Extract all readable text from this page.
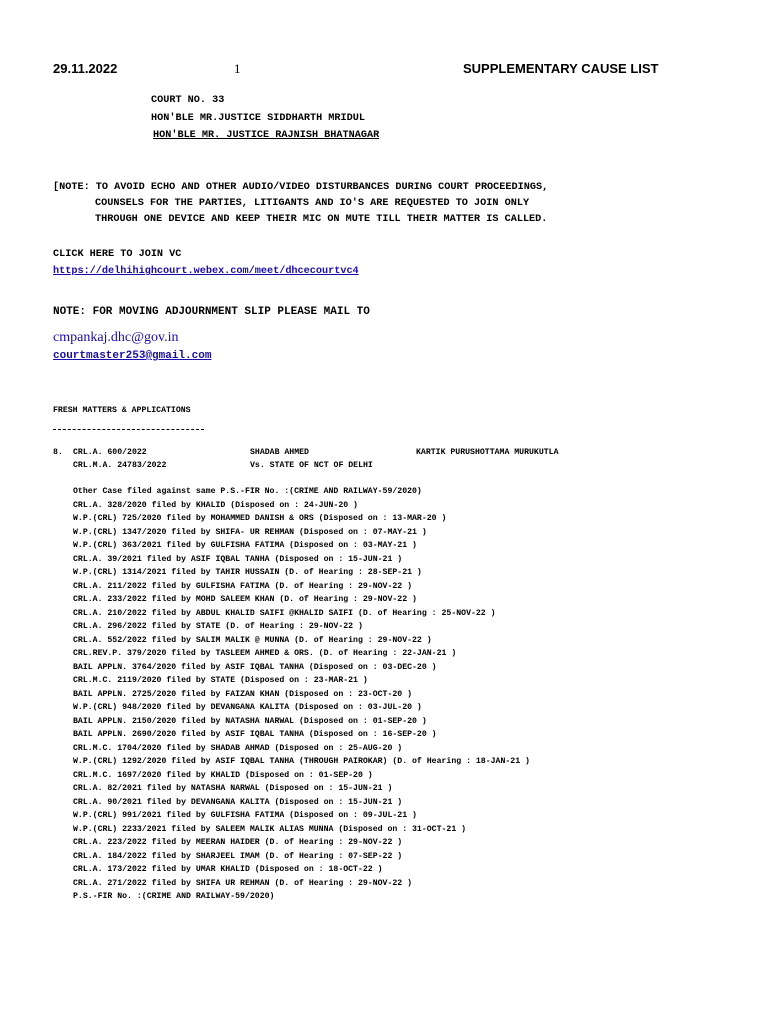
29.11.2022	1	SUPPLEMENTARY CAUSE LIST
COURT NO. 33
HON'BLE MR.JUSTICE SIDDHARTH MRIDUL
HON'BLE MR. JUSTICE RAJNISH BHATNAGAR
[NOTE: TO AVOID ECHO AND OTHER AUDIO/VIDEO DISTURBANCES DURING COURT PROCEEDINGS,
COUNSELS FOR THE PARTIES, LITIGANTS AND IO'S ARE REQUESTED TO JOIN ONLY
THROUGH ONE DEVICE AND KEEP THEIR MIC ON MUTE TILL THEIR MATTER IS CALLED.
CLICK HERE TO JOIN VC
https://delhihighcourt.webex.com/meet/dhcecourtvc4
NOTE: FOR MOVING ADJOURNMENT SLIP PLEASE MAIL TO
cmpankaj.dhc@gov.in
courtmaster253@gmail.com
FRESH MATTERS & APPLICATIONS
8. CRL.A. 600/2022
CRL.M.A. 24783/2022
SHADAB AHMED
Vs. STATE OF NCT OF DELHI
KARTIK PURUSHOTTAMA MURUKUTLA
Other Case filed against same P.S.-FIR No. :(CRIME AND RAILWAY-59/2020)
CRL.A. 328/2020 filed by KHALID (Disposed on : 24-JUN-20 )
W.P.(CRL) 725/2020 filed by MOHAMMED DANISH & ORS (Disposed on : 13-MAR-20 )
W.P.(CRL) 1347/2020 filed by SHIFA- UR REHMAN (Disposed on : 07-MAY-21 )
W.P.(CRL) 363/2021 filed by GULFISHA FATIMA (Disposed on : 03-MAY-21 )
CRL.A. 39/2021 filed by ASIF IQBAL TANHA (Disposed on : 15-JUN-21 )
W.P.(CRL) 1314/2021 filed by TAHIR HUSSAIN (D. of Hearing : 28-SEP-21 )
CRL.A. 211/2022 filed by GULFISHA FATIMA (D. of Hearing : 29-NOV-22 )
CRL.A. 233/2022 filed by MOHD SALEEM KHAN (D. of Hearing : 29-NOV-22 )
CRL.A. 210/2022 filed by ABDUL KHALID SAIFI @KHALID SAIFI (D. of Hearing : 25-NOV-22 )
CRL.A. 296/2022 filed by STATE (D. of Hearing : 29-NOV-22 )
CRL.A. 552/2022 filed by SALIM MALIK @ MUNNA (D. of Hearing : 29-NOV-22 )
CRL.REV.P. 379/2020 filed by TASLEEM AHMED & ORS. (D. of Hearing : 22-JAN-21 )
BAIL APPLN. 3764/2020 filed by ASIF IQBAL TANHA (Disposed on : 03-DEC-20 )
CRL.M.C. 2119/2020 filed by STATE (Disposed on : 23-MAR-21 )
BAIL APPLN. 2725/2020 filed by FAIZAN KHAN (Disposed on : 23-OCT-20 )
W.P.(CRL) 948/2020 filed by DEVANGANA KALITA (Disposed on : 03-JUL-20 )
BAIL APPLN. 2150/2020 filed by NATASHA NARWAL (Disposed on : 01-SEP-20 )
BAIL APPLN. 2690/2020 filed by ASIF IQBAL TANHA (Disposed on : 16-SEP-20 )
CRL.M.C. 1704/2020 filed by SHADAB AHMAD (Disposed on : 25-AUG-20 )
W.P.(CRL) 1292/2020 filed by ASIF IQBAL TANHA (THROUGH PAIROKAR) (D. of Hearing : 18-JAN-21 )
CRL.M.C. 1697/2020 filed by KHALID (Disposed on : 01-SEP-20 )
CRL.A. 82/2021 filed by NATASHA NARWAL (Disposed on : 15-JUN-21 )
CRL.A. 90/2021 filed by DEVANGANA KALITA (Disposed on : 15-JUN-21 )
W.P.(CRL) 991/2021 filed by GULFISHA FATIMA (Disposed on : 09-JUL-21 )
W.P.(CRL) 2233/2021 filed by SALEEM MALIK ALIAS MUNNA (Disposed on : 31-OCT-21 )
CRL.A. 223/2022 filed by MEERAN HAIDER (D. of Hearing : 29-NOV-22 )
CRL.A. 184/2022 filed by SHARJEEL IMAM (D. of Hearing : 07-SEP-22 )
CRL.A. 173/2022 filed by UMAR KHALID (Disposed on : 18-OCT-22 )
CRL.A. 271/2022 filed by SHIFA UR REHMAN (D. of Hearing : 29-NOV-22 )
P.S.-FIR No. :(CRIME AND RAILWAY-59/2020)
